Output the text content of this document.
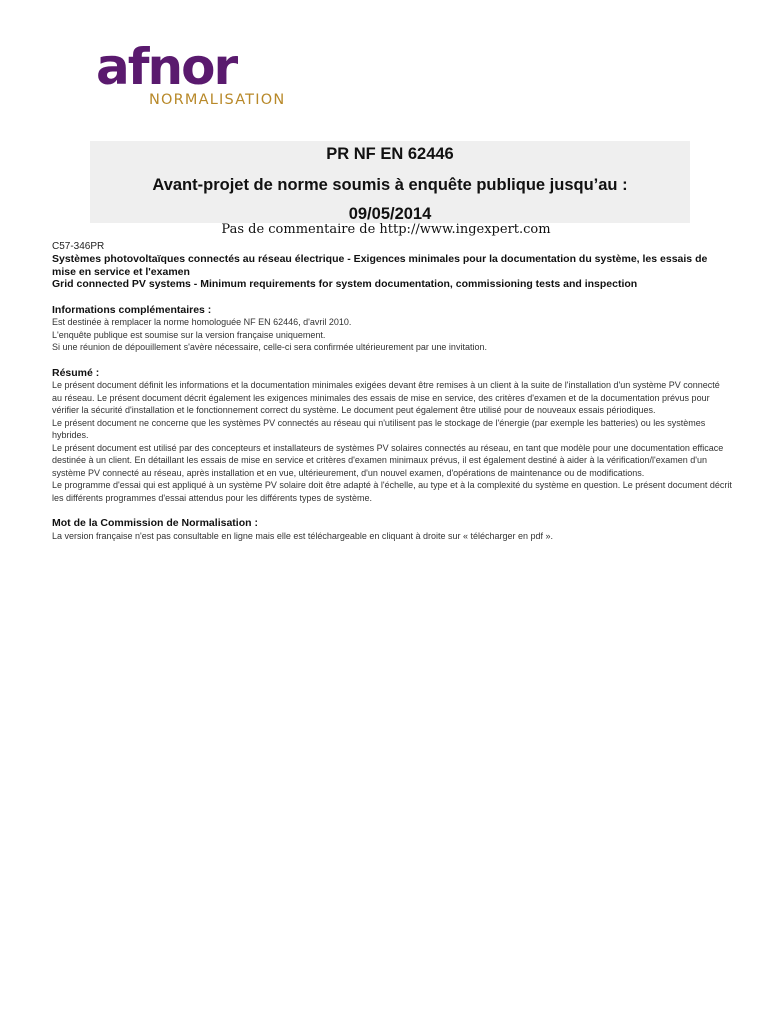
afnor
NORMALISATION
PR NF EN 62446
Avant-projet de norme soumis à enquête publique jusqu’au :
09/05/2014
Pas de commentaire de http://www.ingexpert.com
C57-346PR
Systèmes photovoltaïques connectés au réseau électrique - Exigences minimales pour la documentation du système, les essais de mise en service et l'examen
Grid connected PV systems - Minimum requirements for system documentation, commissioning tests and inspection
Informations complémentaires :
Est destinée à remplacer la norme homologuée NF EN 62446, d'avril 2010.
L'enquête publique est soumise sur la version française uniquement.
Si une réunion de dépouillement s'avère nécessaire, celle-ci sera confirmée ultérieurement par une invitation.
Résumé :
Le présent document définit les informations et la documentation minimales exigées devant être remises à un client à la suite de l'installation d'un système PV connecté au réseau. Le présent document décrit également les exigences minimales des essais de mise en service, des critères d'examen et de la documentation prévus pour vérifier la sécurité d'installation et le fonctionnement correct du système. Le document peut également être utilisé pour de nouveaux essais périodiques.
Le présent document ne concerne que les systèmes PV connectés au réseau qui n'utilisent pas le stockage de l'énergie (par exemple les batteries) ou les systèmes hybrides.
Le présent document est utilisé par des concepteurs et installateurs de systèmes PV solaires connectés au réseau, en tant que modèle pour une documentation efficace destinée à un client. En détaillant les essais de mise en service et critères d'examen minimaux prévus, il est également destiné à aider à la vérification/l'examen d'un système PV connecté au réseau, après installation et en vue, ultérieurement, d'un nouvel examen, d'opérations de maintenance ou de modifications.
Le programme d'essai qui est appliqué à un système PV solaire doit être adapté à l'échelle, au type et à la complexité du système en question. Le présent document décrit les différents programmes d'essai attendus pour les différents types de système.
Mot de la Commission de Normalisation :
La version française n'est pas consultable en ligne mais elle est téléchargeable en cliquant à droite sur « télécharger en pdf ».
